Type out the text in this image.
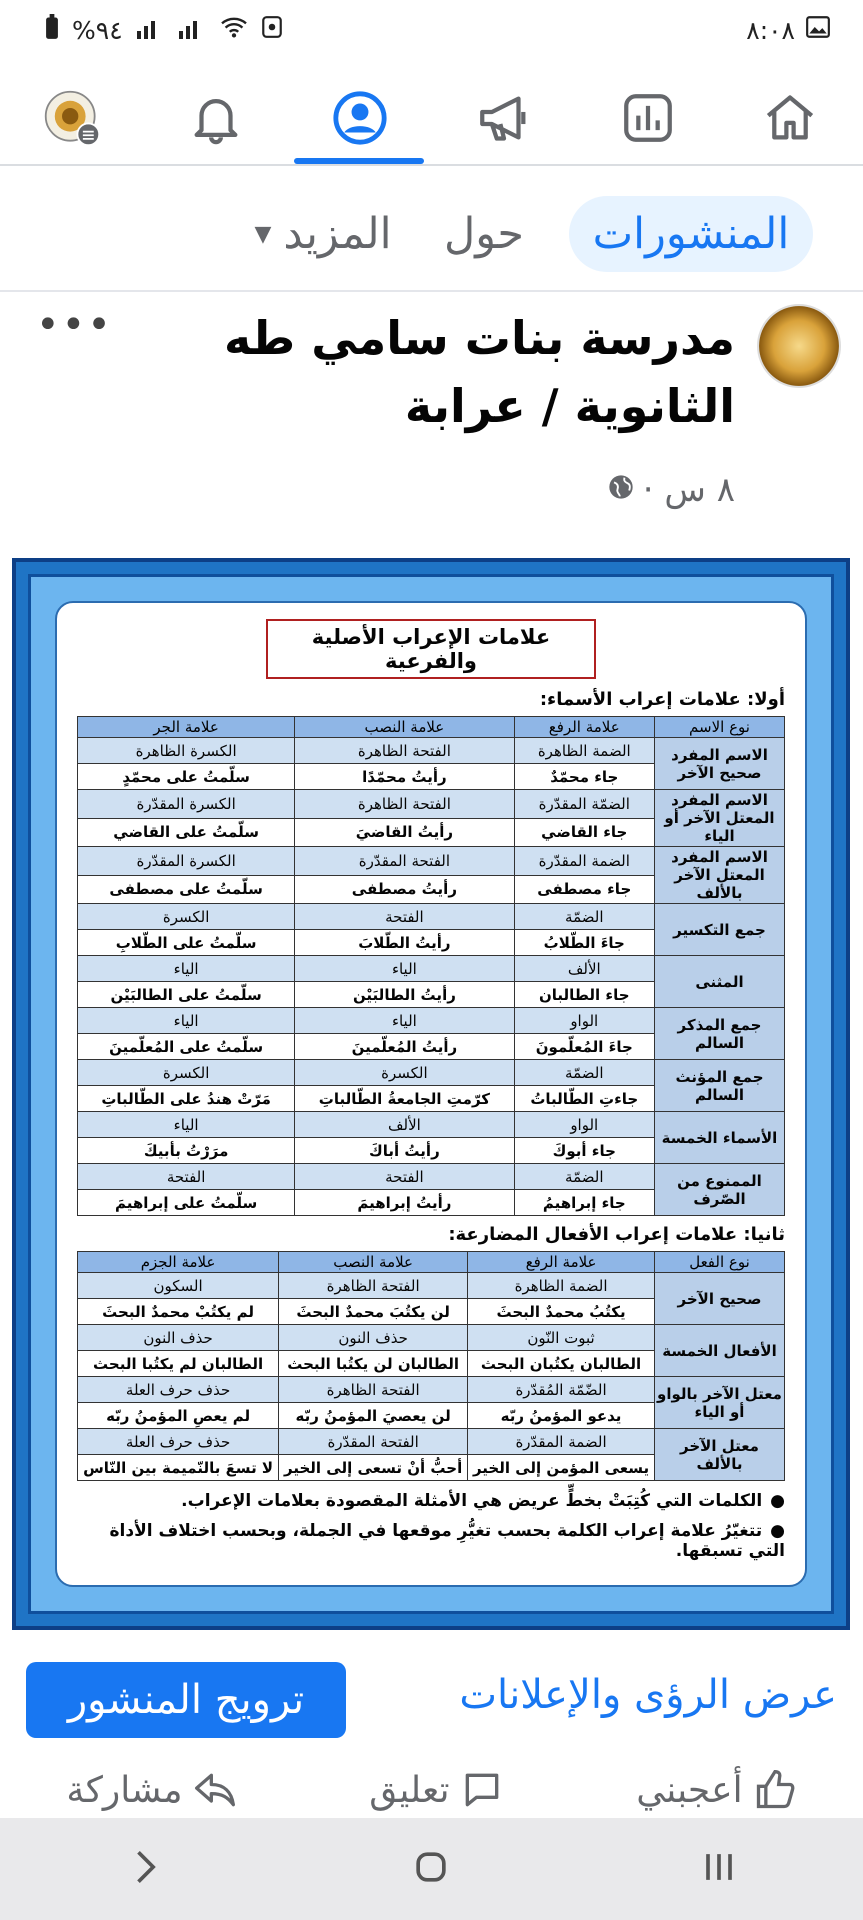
٨:٠٨
%٩٤
المنشورات
حول
المزيد
▼
مدرسة بنات سامي طه الثانوية / عرابة
٨ س ·
•••
علامات الإعراب الأصلية والفرعية
أولا: علامات إعراب الأسماء:
نوع الاسم	علامة الرفع	علامة النصب	علامة الجر
الاسم المفرد صحيح الآخر	الضمة الظاهرة	الفتحة الظاهرة	الكسرة الظاهرة
	جاء محمّدٌ	رأيتُ محمّدًا	سلّمتُ على محمّدٍ
الاسم المفرد المعتل الآخر أو الياء	الضمّة المقدّرة	الفتحة الظاهرة	الكسرة المقدّرة
	جاء القاضي	رأيتُ القاضيَ	سلّمتُ على القاضي
الاسم المفرد المعتل الآخر بالألف	الضمة المقدّرة	الفتحة المقدّرة	الكسرة المقدّرة
	جاء مصطفى	رأيتُ مصطفى	سلّمتُ على مصطفى
جمع التكسير	الضمّة	الفتحة	الكسرة
	جاءَ الطّلابُ	رأيتُ الطّلابَ	سلّمتُ على الطّلابِ
المثنى	الألف	الياء	الياء
	جاء الطالبان	رأيتُ الطالبَيْن	سلّمتُ على الطالبَيْن
جمع المذكر السالم	الواو	الياء	الياء
	جاءَ المُعلّمونَ	رأيتُ المُعلّمينَ	سلّمتُ على المُعلّمينَ
جمع المؤنث السالم	الضمّة	الكسرة	الكسرة
	جاءتِ الطّالباتُ	كرّمتِ الجامعةُ الطّالباتِ	مَرّتْ هندُ على الطّالباتِ
الأسماء الخمسة	الواو	الألف	الياء
	جاء أبوكَ	رأيتُ أباكَ	مرَرْتُ بأبيكَ
الممنوع من الصّرف	الضمّة	الفتحة	الفتحة
	جاء إبراهيمُ	رأيتُ إبراهيمَ	سلّمتُ على إبراهيمَ
ثانيا: علامات إعراب الأفعال المضارعة:
نوع الفعل	علامة الرفع	علامة النصب	علامة الجزم
صحيح الآخر	الضمة الظاهرة	الفتحة الظاهرة	السكون
	يكتُبُ محمدٌ البحثَ	لن يكتُبَ محمدٌ البحثَ	لم يكتُبْ محمدٌ البحثَ
الأفعال الخمسة	ثبوت النّون	حذف النون	حذف النون
	الطالبان يكتُبان البحث	الطالبان لن يكتُبا البحث	الطالبان لم يكتُبا البحث
معتل الآخر بالواو أو الياء	الضّمّة المُقدّرة	الفتحة الظاهرة	حذف حرف العلة
	يدعو المؤمنُ ربّه	لن يعصيَ المؤمنُ ربّه	لم يعصِ المؤمنُ ربّه
معتل الآخر بالألف	الضمة المقدّرة	الفتحة المقدّرة	حذف حرف العلة
	يسعى المؤمن إلى الخير	أحبُّ أنْ تسعى إلى الخير	لا تسعَ بالنّميمة بين النّاس
● الكلمات التي كُتِبَتْ بخطٍّ عريض هي الأمثلة المقصودة بعلامات الإعراب.
● تتغيّرُ علامة إعراب الكلمة بحسب تغيُّرِ موقعها في الجملة، وبحسب اختلاف الأداة التي تسبقها.
عرض الرؤى والإعلانات
ترويج المنشور
أعجبني
تعليق
مشاركة
